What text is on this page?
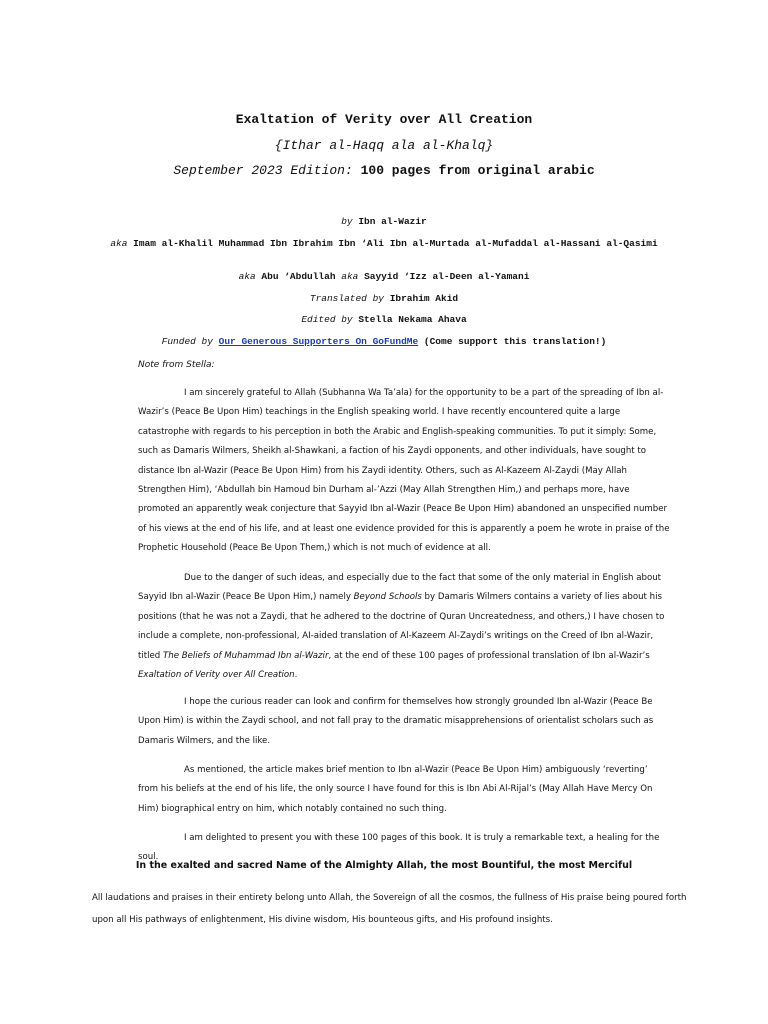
Exaltation of Verity over All Creation
{Ithar al-Haqq ala al-Khalq}
September 2023 Edition: 100 pages from original arabic
by Ibn al-Wazir
aka Imam al-Khalil Muhammad Ibn Ibrahim Ibn ‘Ali Ibn al-Murtada al-Mufaddal al-Hassani al-Qasimi
aka Abu ‘Abdullah aka Sayyid ‘Izz al-Deen al-Yamani
Translated by Ibrahim Akid
Edited by Stella Nekama Ahava
Funded by Our Generous Supporters On GoFundMe (Come support this translation!)
Note from Stella:

I am sincerely grateful to Allah (Subhanna Wa Ta’ala) for the opportunity to be a part of the spreading of Ibn al-Wazir’s (Peace Be Upon Him) teachings in the English speaking world. I have recently encountered quite a large catastrophe with regards to his perception in both the Arabic and English-speaking communities. To put it simply: Some, such as Damaris Wilmers, Sheikh al-Shawkani, a faction of his Zaydi opponents, and other individuals, have sought to distance Ibn al-Wazir (Peace Be Upon Him) from his Zaydi identity. Others, such as Al-Kazeem Al-Zaydi (May Allah Strengthen Him), ‘Abdullah bin Hamoud bin Durham al-’Azzi (May Allah Strengthen Him,) and perhaps more, have promoted an apparently weak conjecture that Sayyid Ibn al-Wazir (Peace Be Upon Him) abandoned an unspecified number of his views at the end of his life, and at least one evidence provided for this is apparently a poem he wrote in praise of the Prophetic Household (Peace Be Upon Them,) which is not much of evidence at all.

Due to the danger of such ideas, and especially due to the fact that some of the only material in English about Sayyid Ibn al-Wazir (Peace Be Upon Him,) namely Beyond Schools by Damaris Wilmers contains a variety of lies about his positions (that he was not a Zaydi, that he adhered to the doctrine of Quran Uncreatedness, and others,) I have chosen to include a complete, non-professional, AI-aided translation of Al-Kazeem Al-Zaydi’s writings on the Creed of Ibn al-Wazir, titled The Beliefs of Muhammad Ibn al-Wazir, at the end of these 100 pages of professional translation of Ibn al-Wazir’s Exaltation of Verity over All Creation.

I hope the curious reader can look and confirm for themselves how strongly grounded Ibn al-Wazir (Peace Be Upon Him) is within the Zaydi school, and not fall pray to the dramatic misapprehensions of orientalist scholars such as Damaris Wilmers, and the like.

As mentioned, the article makes brief mention to Ibn al-Wazir (Peace Be Upon Him) ambiguously ‘reverting’ from his beliefs at the end of his life, the only source I have found for this is Ibn Abi Al-Rijal’s (May Allah Have Mercy On Him) biographical entry on him, which notably contained no such thing.

I am delighted to present you with these 100 pages of this book. It is truly a remarkable text, a healing for the soul.

In the exalted and sacred Name of the Almighty Allah, the most Bountiful, the most Merciful
All laudations and praises in their entirety belong unto Allah, the Sovereign of all the cosmos, the fullness of His praise being poured forth upon all His pathways of enlightenment, His divine wisdom, His bounteous gifts, and His profound insights.
